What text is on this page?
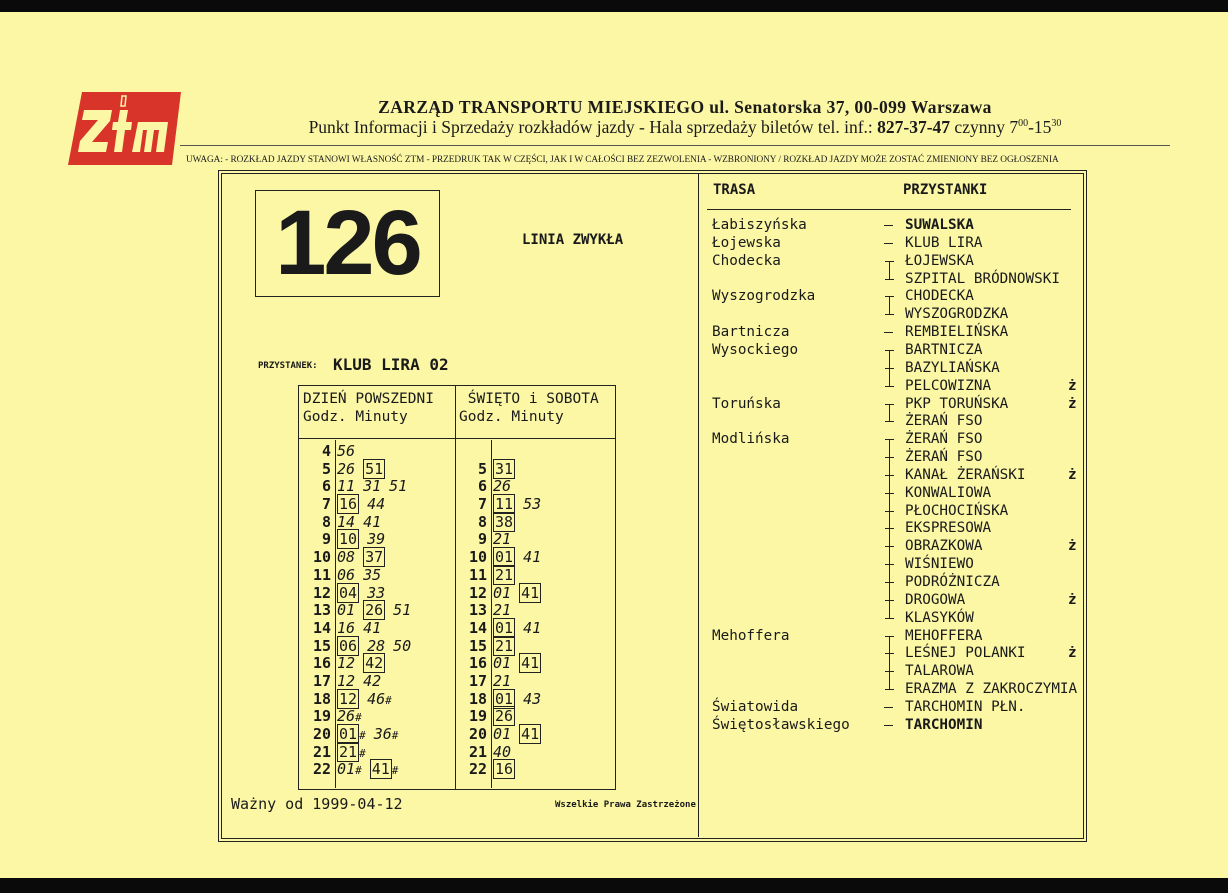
ZARZĄD TRANSPORTU MIEJSKIEGO ul. Senatorska 37, 00-099 Warszawa
Punkt Informacji i Sprzedaży rozkładów jazdy - Hala sprzedaży biletów tel. inf.: 827-37-47 czynny $7^{00}-15^{30}$
UWAGA: - ROZKŁAD JAZDY STANOWI WŁASNOŚĆ ZTM - PRZEDRUK TAK W CZĘŚCI, JAK I W CAŁOŚCI BEZ ZEZWOLENIA - WZBRONIONY / ROZKŁAD JAZDY MOŻE ZOSTAĆ ZMIENIONY BEZ OGŁOSZENIA
126	LINIA ZWYKŁA
PRZYSTANEK: KLUB LIRA 02
DZIEŃ POWSZEDNI
Godz. Minuty
ŚWIĘTO i SOBOTA
Godz. Minuty
4 56
5 26 51
6 11 31 51
7 16 44
8 14 41
9 10 39
10 08 37
11 06 35
12 04 33
13 01 26 51
14 16 41
15 06 28 50
16 12 42
17 12 42
18 12 46#
19 26#
20 01 # 36#
21 21 #
22 01# 41 #
5 31
6 26
7 11 53
8 38
9 21
10 01 41
11 21
12 01 41
13 21
14 01 41
15 21
16 01 41
17 21
18 01 43
19 26
20 01 41
21 40
22 16
Ważny od 1999-04-12	Wszelkie Prawa Zastrzeżone
TRASA	PRZYSTANKI
Łabiszyńska	SUWALSKA
Łojewska	KLUB LIRA
Chodecka	ŁOJEWSKA
SZPITAL BRÓDNOWSKI
Wyszogrodzka	CHODECKA
WYSZOGRODZKA
Bartnicza	REMBIELIŃSKA
Wysockiego	BARTNICZA
BAZYLIAŃSKA
PELCOWIZNA	ż
Toruńska	PKP TORUŃSKA	ż
ŻERAŃ FSO
Modlińska	ŻERAŃ FSO
ŻERAŃ FSO
KANAŁ ŻERAŃSKI	ż
KONWALIOWA
PŁOCHOCIŃSKA
EKSPRESOWA
OBRAZKOWA	ż
WIŚNIEWO
PODRÓŻNICZA
DROGOWA	ż
KLASYKÓW
Mehoffera	MEHOFFERA
LEŚNEJ POLANKI	ż
TALAROWA
ERAZMA Z ZAKROCZYMIA
Światowida	TARCHOMIN PŁN.
Świętosławskiego	TARCHOMIN
